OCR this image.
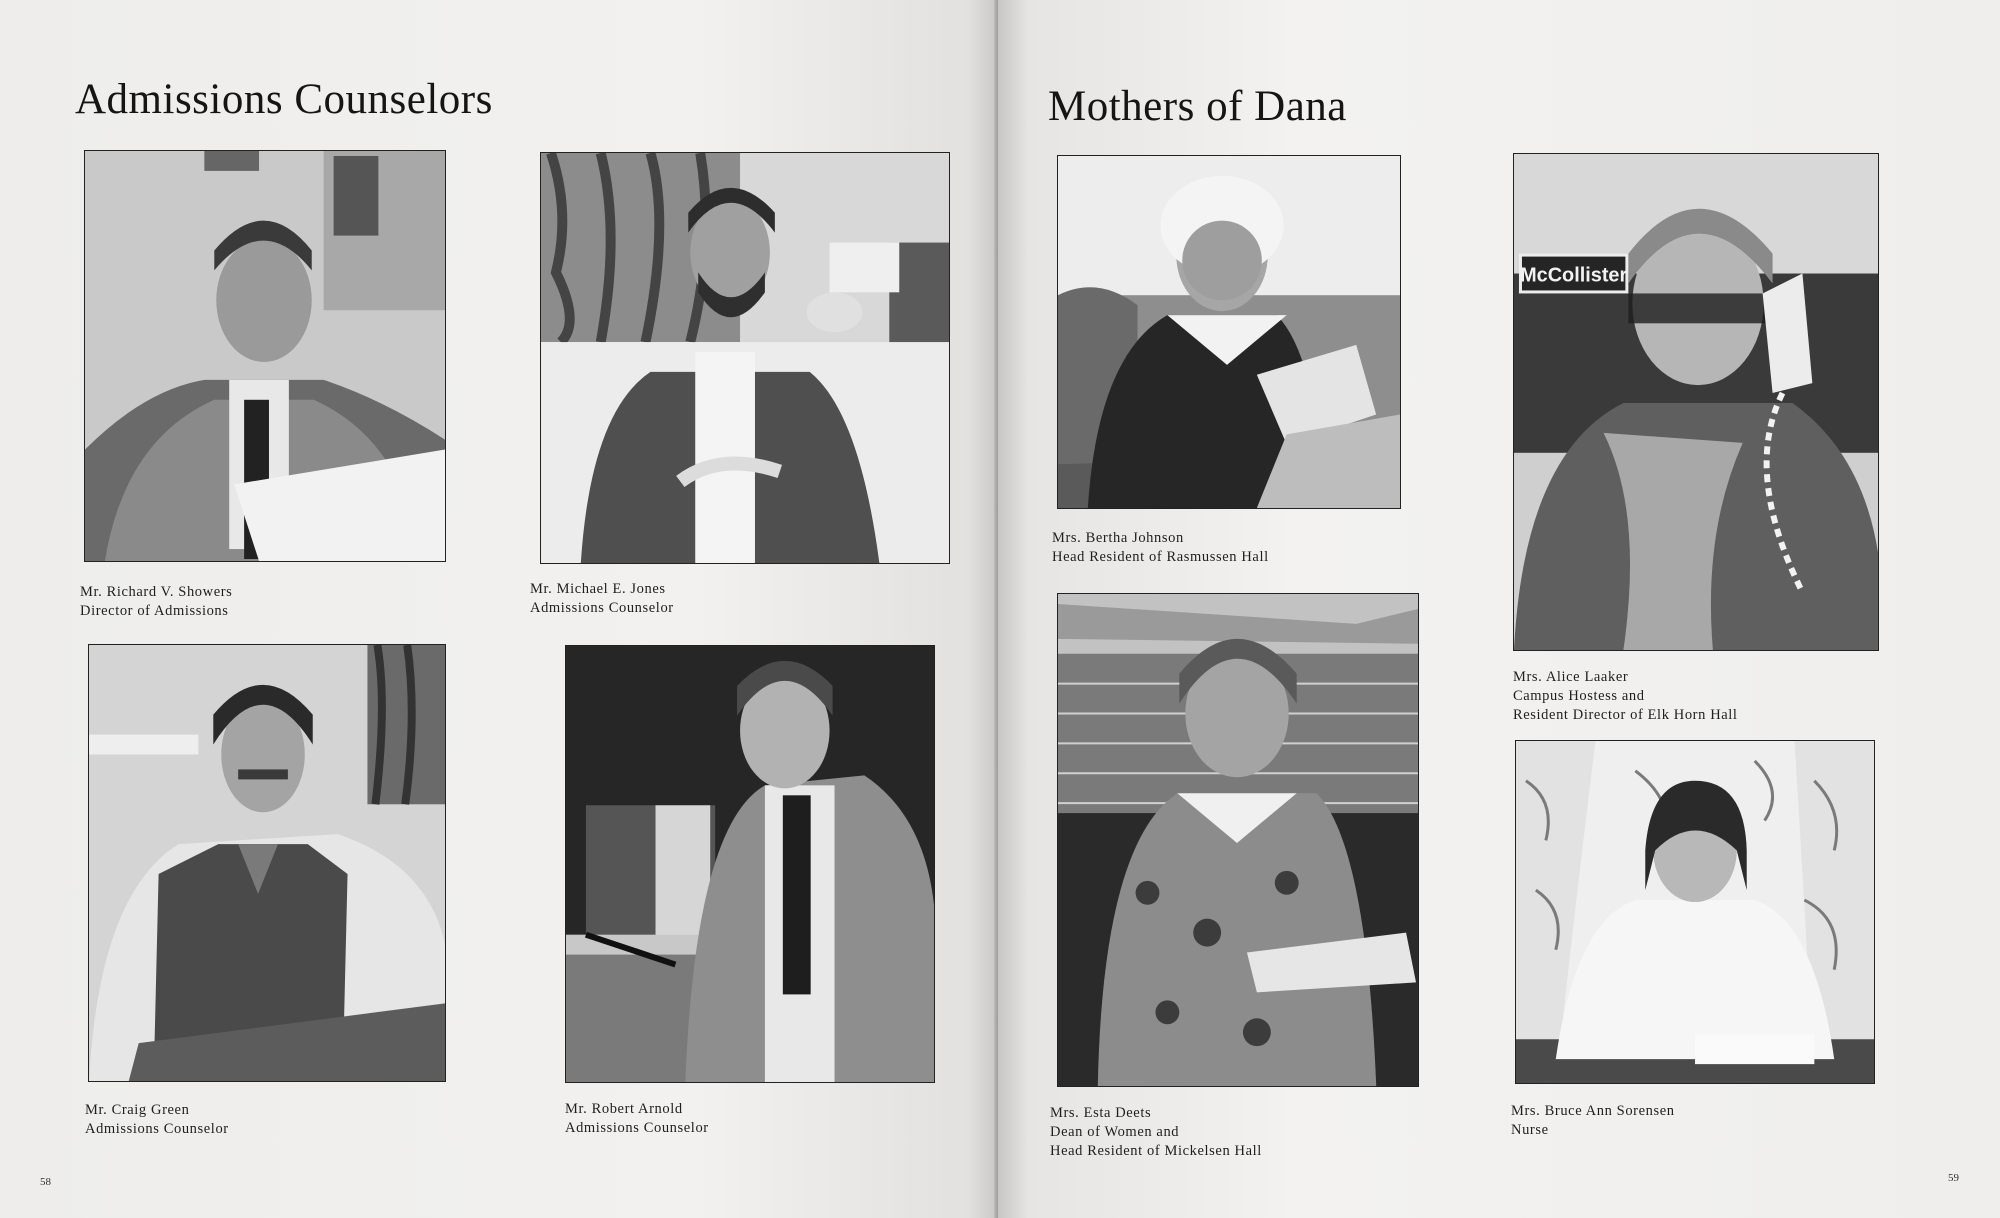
Admissions Counselors
Mr. Richard V. Showers
Director of Admissions
Mr. Michael E. Jones
Admissions Counselor
Mr. Craig Green
Admissions Counselor
Mr. Robert Arnold
Admissions Counselor
58
Mothers of Dana
Mrs. Bertha Johnson
Head Resident of Rasmussen Hall
McCollister
Mrs. Alice Laaker
Campus Hostess and
Resident Director of Elk Horn Hall
Mrs. Esta Deets
Dean of Women and
Head Resident of Mickelsen Hall
Mrs. Bruce Ann Sorensen
Nurse
59
